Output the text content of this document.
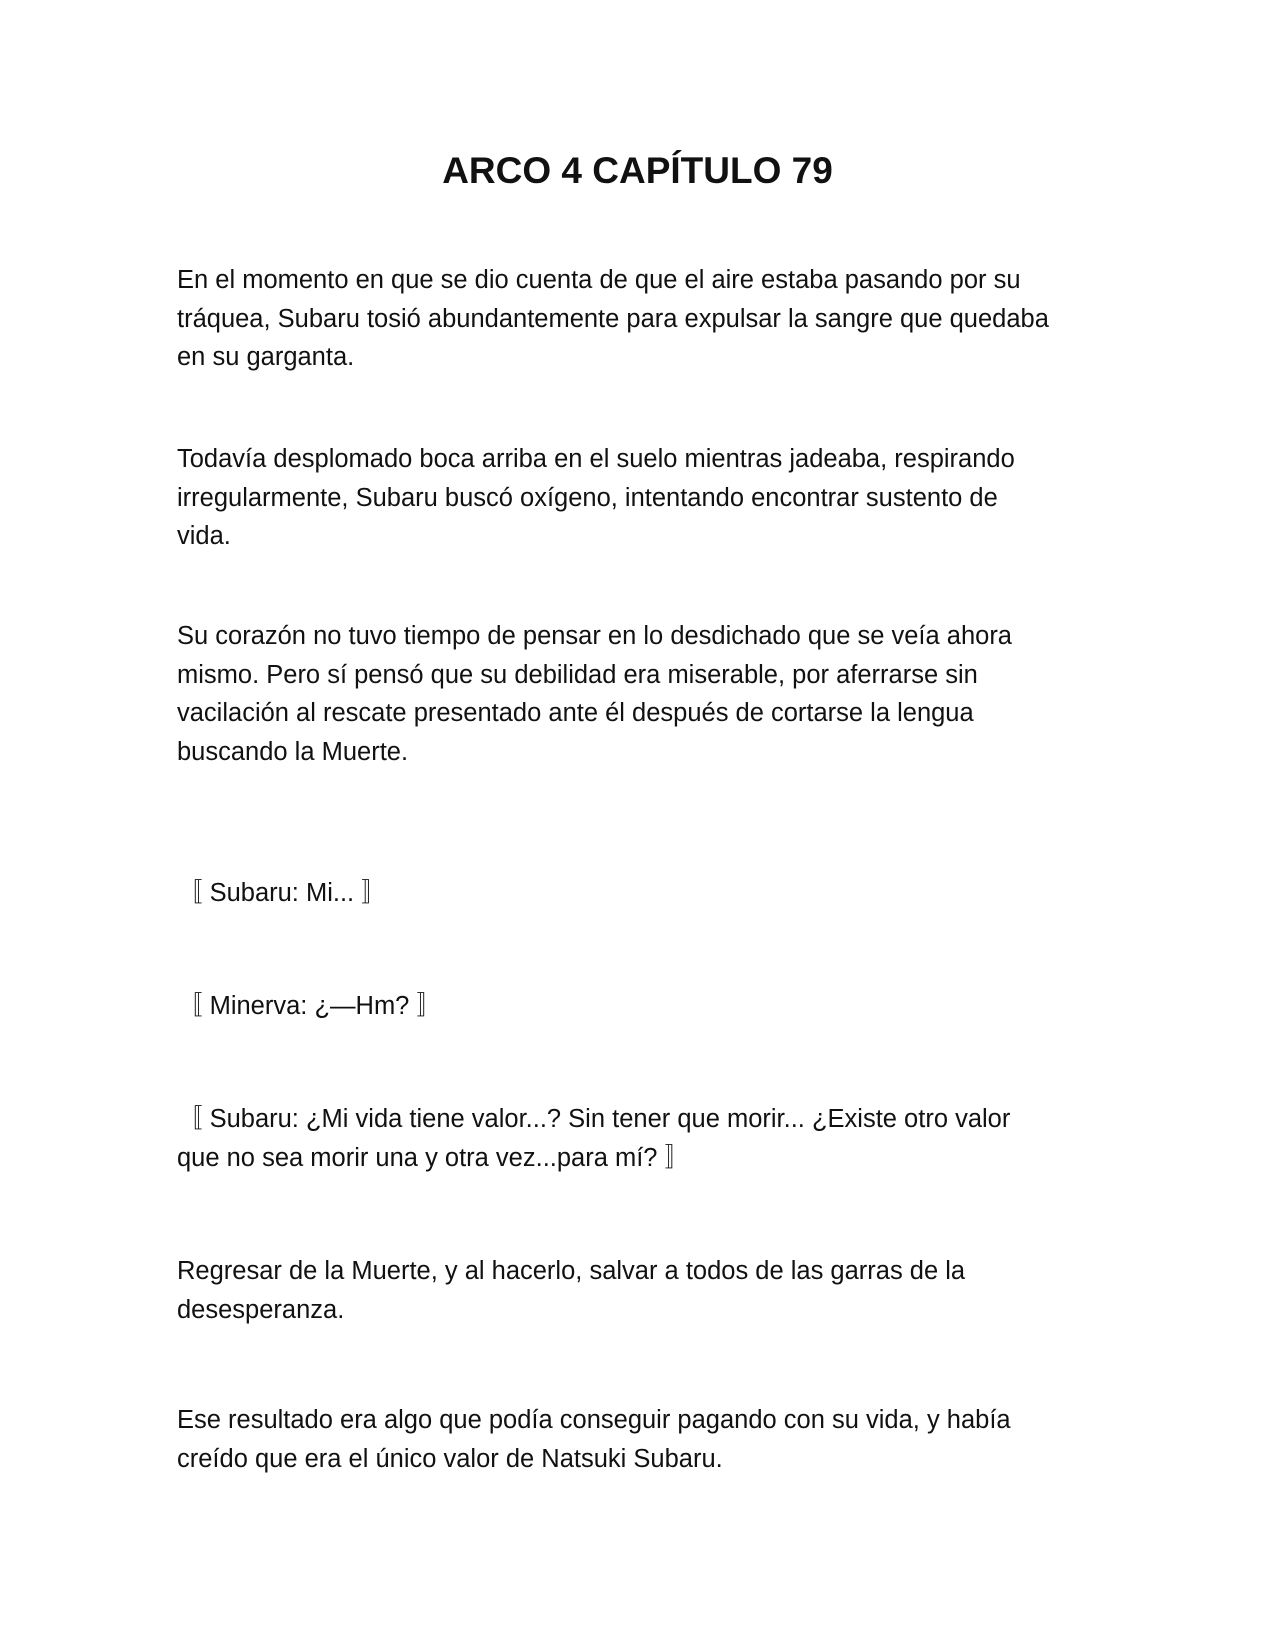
ARCO 4 CAPÍTULO 79

En el momento en que se dio cuenta de que el aire estaba pasando por su
tráquea, Subaru tosió abundantemente para expulsar la sangre que quedaba
en su garganta.

Todavía desplomado boca arriba en el suelo mientras jadeaba, respirando
irregularmente, Subaru buscó oxígeno, intentando encontrar sustento de
vida.

Su corazón no tuvo tiempo de pensar en lo desdichado que se veía ahora
mismo. Pero sí pensó que su debilidad era miserable, por aferrarse sin
vacilación al rescate presentado ante él después de cortarse la lengua
buscando la Muerte.

〚 Subaru: Mi... 〛

〚 Minerva: ¿—Hm? 〛

〚 Subaru: ¿Mi vida tiene valor...? Sin tener que morir... ¿Existe otro valor
que no sea morir una y otra vez...para mí? 〛

Regresar de la Muerte, y al hacerlo, salvar a todos de las garras de la
desesperanza.

Ese resultado era algo que podía conseguir pagando con su vida, y había
creído que era el único valor de Natsuki Subaru.
